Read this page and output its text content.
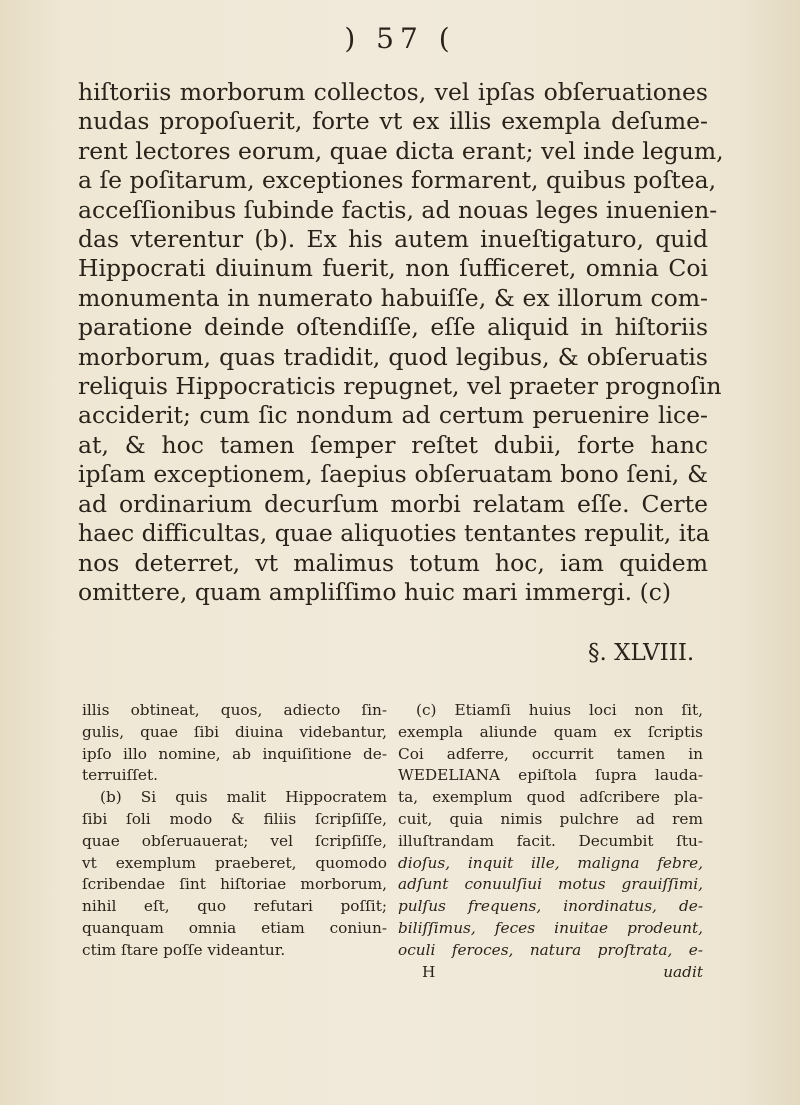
) 57 (
hiſtoriis morborum collectos, vel ipſas obſeruationes
nudas propoſuerit, forte vt ex illis exempla deſume-
rent lectores eorum, quae dicta erant; vel inde legum,
a ſe poſitarum, exceptiones formarent, quibus poſtea,
acceſſionibus ſubinde factis, ad nouas leges inuenien-
das vterentur (b). Ex his autem inueſtigaturo, quid
Hippocrati diuinum fuerit, non ſufficeret, omnia Coi
monumenta in numerato habuiſſe, & ex illorum com-
paratione deinde oſtendiſſe, eſſe aliquid in hiſtoriis
morborum, quas tradidit, quod legibus, & obſeruatis
reliquis Hippocraticis repugnet, vel praeter prognoſin
acciderit; cum ſic nondum ad certum peruenire lice-
at, & hoc tamen ſemper reſtet dubii, forte hanc
ipſam exceptionem, ſaepius obſeruatam bono ſeni, &
ad ordinarium decurſum morbi relatam eſſe. Certe
haec difficultas, quae aliquoties tentantes repulit, ita
nos deterret, vt malimus totum hoc, iam quidem
omittere, quam ampliſſimo huic mari immergi. (c)
§. XLVIII.
illis obtineat, quos, adiecto ſin-
gulis, quae ſibi diuina videbantur,
ipſo illo nomine, ab inquiſitione de-
terruiſſet.
(b) Si quis malit Hippocratem
ſibi ſoli modo & filiis ſcripſiſſe,
quae obſeruauerat; vel ſcripſiſſe,
vt exemplum praeberet, quomodo
ſcribendae ſint hiſtoriae morborum,
nihil eſt, quo refutari poſſit;
quanquam omnia etiam coniun-
ctim ſtare poſſe videantur.
(c) Etiamſi huius loci non ſit,
exempla aliunde quam ex ſcriptis
Coi adferre, occurrit tamen in
WEDELIANA epiſtola ſupra lauda-
ta, exemplum quod adſcribere pla-
cuit, quia nimis pulchre ad rem
illuſtrandam facit. Decumbit ſtu-
dioſus, inquit ille, maligna febre,
adſunt conuulſiui motus grauiſſimi,
pulſus frequens, inordinatus, de-
biliſſimus, feces inuitae prodeunt,
oculi feroces, natura proſtrata, e-
H	uadit
